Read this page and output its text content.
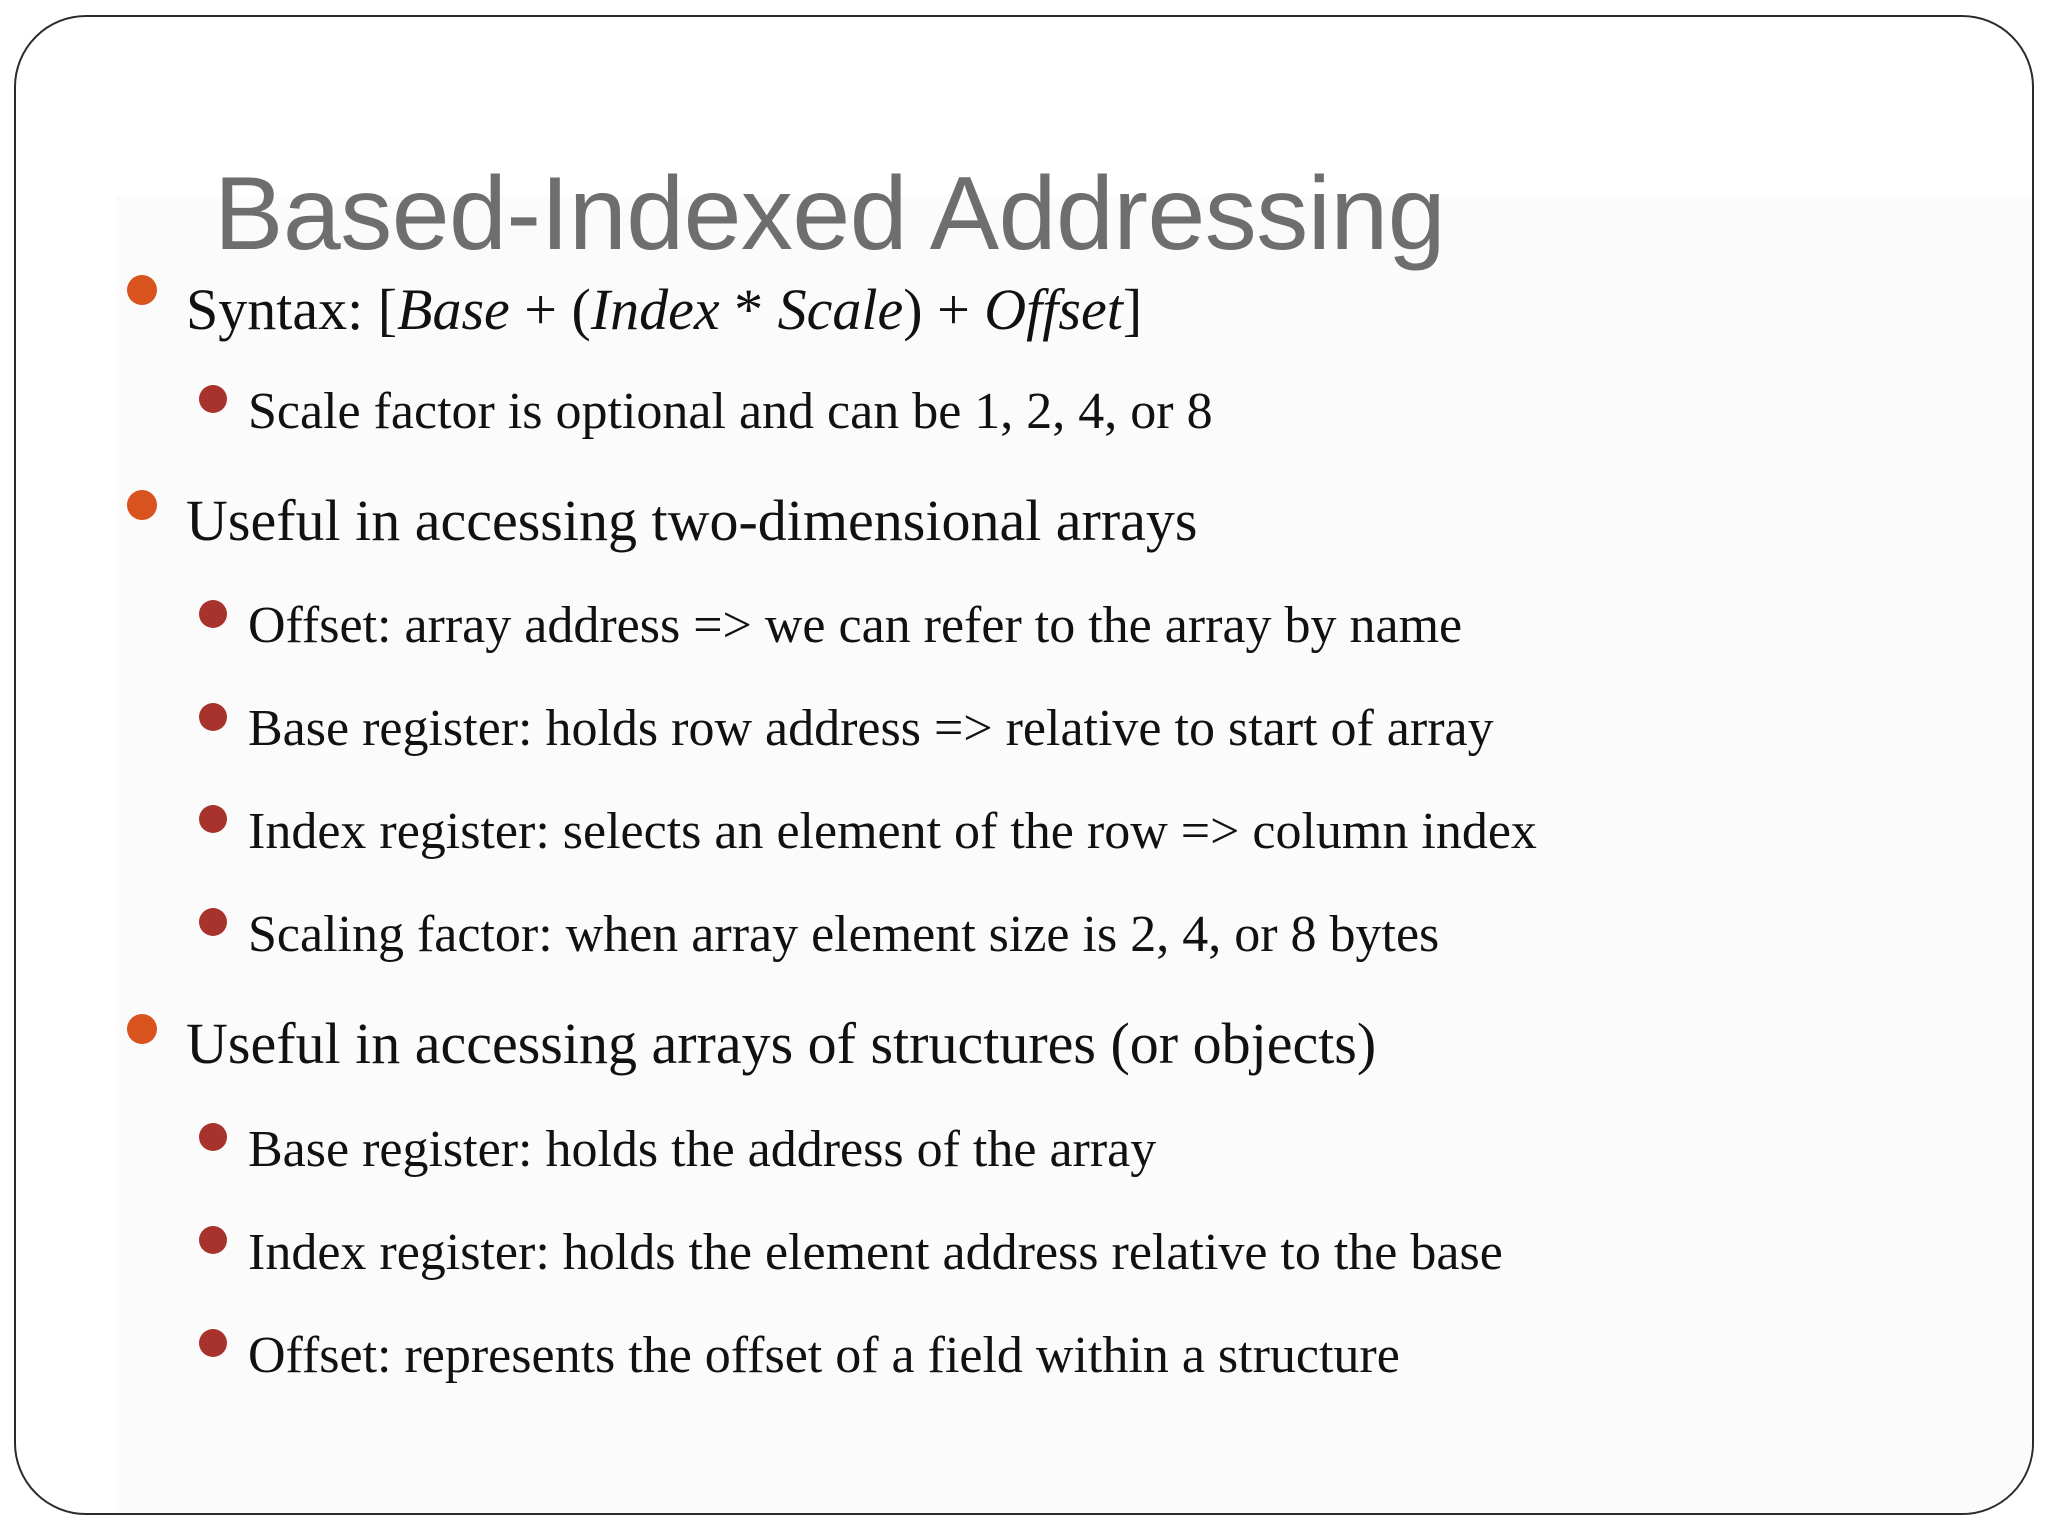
Based-Indexed Addressing
Syntax: [Base + (Index * Scale) + Offset]
Scale factor is optional and can be 1, 2, 4, or 8
Useful in accessing two-dimensional arrays
Offset: array address => we can refer to the array by name
Base register: holds row address => relative to start of array
Index register: selects an element of the row => column index
Scaling factor: when array element size is 2, 4, or 8 bytes
Useful in accessing arrays of structures (or objects)
Base register: holds the address of the array
Index register: holds the element address relative to the base
Offset: represents the offset of a field within a structure
